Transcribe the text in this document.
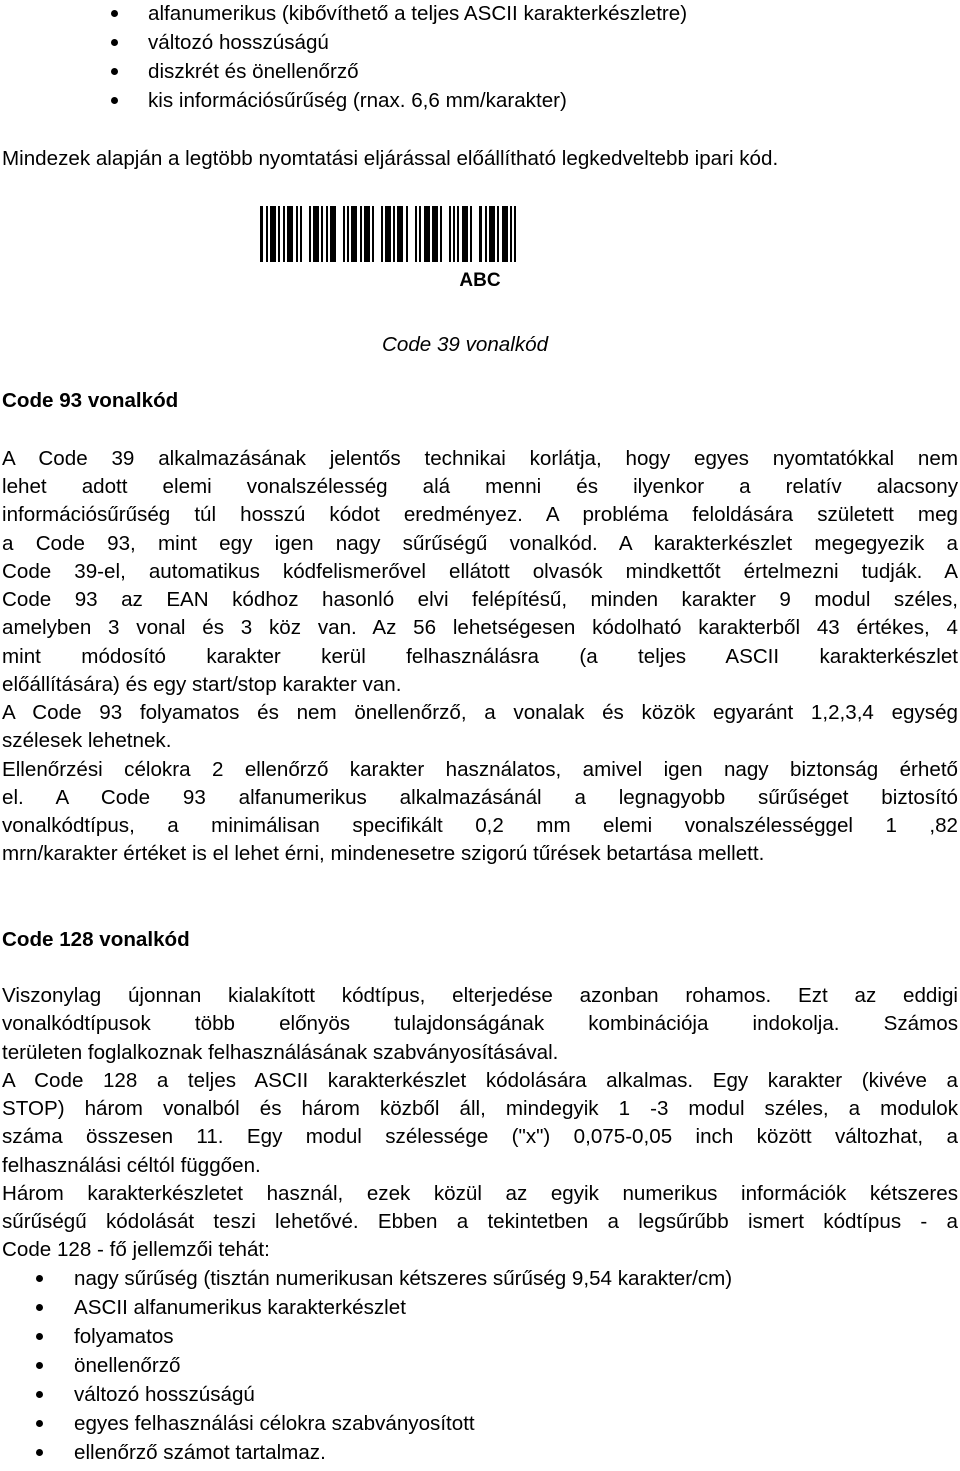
alfanumerikus (kibővíthető a teljes ASCII karakterkészletre)
változó hosszúságú
diszkrét és önellenőrző
kis információsűrűség (rnax. 6,6 mm/karakter)
Mindezek alapján a legtöbb nyomtatási eljárással előállítható legkedveltebb ipari kód.
ABC
Code 39 vonalkód
Code 93 vonalkód
A Code 39 alkalmazásának jelentős technikai korlátja, hogy egyes nyomtatókkal nem
lehet adott elemi vonalszélesség alá menni és ilyenkor a relatív alacsony
információsűrűség túl hosszú kódot eredményez. A probléma feloldására született meg
a Code 93, mint egy igen nagy sűrűségű vonalkód. A karakterkészlet megegyezik a
Code 39-el, automatikus kódfelismerővel ellátott olvasók mindkettőt értelmezni tudják. A
Code 93 az EAN kódhoz hasonló elvi felépítésű, minden karakter 9 modul széles,
amelyben 3 vonal és 3 köz van. Az 56 lehetségesen kódolható karakterből 43 értékes, 4
mint módosító karakter kerül felhasználásra (a teljes ASCII karakterkészlet
előállítására) és egy start/stop karakter van.
A Code 93 folyamatos és nem önellenőrző, a vonalak és közök egyaránt 1,2,3,4 egység
szélesek lehetnek.
Ellenőrzési célokra 2 ellenőrző karakter használatos, amivel igen nagy biztonság érhető
el. A Code 93 alfanumerikus alkalmazásánál a legnagyobb sűrűséget biztosító
vonalkódtípus, a minimálisan specifikált 0,2 mm elemi vonalszélességgel 1 ,82
mrn/karakter értéket is el lehet érni, mindenesetre szigorú tűrések betartása mellett.
Code 128 vonalkód
Viszonylag újonnan kialakított kódtípus, elterjedése azonban rohamos. Ezt az eddigi
vonalkódtípusok több előnyös tulajdonságának kombinációja indokolja. Számos
területen foglalkoznak felhasználásának szabványosításával.
A Code 128 a teljes ASCII karakterkészlet kódolására alkalmas. Egy karakter (kivéve a
STOP) három vonalból és három közből áll, mindegyik 1 -3 modul széles, a modulok
száma összesen 11. Egy modul szélessége ("x") 0,075-0,05 inch között változhat, a
felhasználási céltól függően.
Három karakterkészletet használ, ezek közül az egyik numerikus információk kétszeres
sűrűségű kódolását teszi lehetővé. Ebben a tekintetben a legsűrűbb ismert kódtípus - a
Code 128 - fő jellemzői tehát:
nagy sűrűség (tisztán numerikusan kétszeres sűrűség 9,54 karakter/cm)
ASCII alfanumerikus karakterkészlet
folyamatos
önellenőrző
változó hosszúságú
egyes felhasználási célokra szabványosított
ellenőrző számot tartalmaz.
